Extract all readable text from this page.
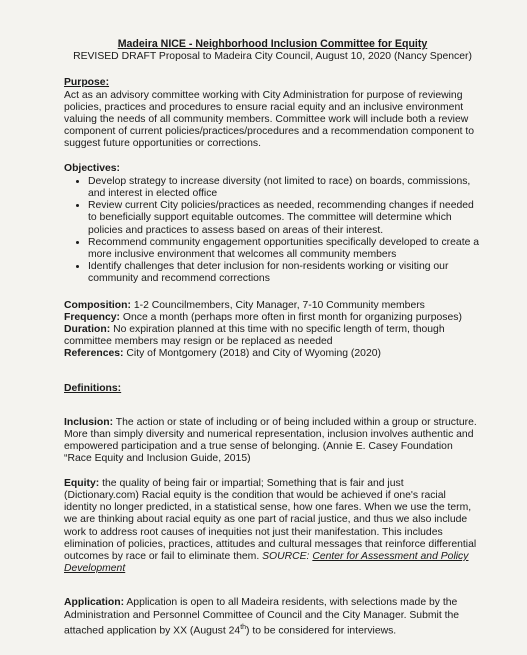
Madeira NICE - Neighborhood Inclusion Committee for Equity
REVISED DRAFT Proposal to Madeira City Council, August 10, 2020 (Nancy Spencer)
Purpose:

Act as an advisory committee working with City Administration for purpose of reviewing policies, practices and procedures to ensure racial equity and an inclusive environment valuing the needs of all community members. Committee work will include both a review component of current policies/practices/procedures and a recommendation component to suggest future opportunities or corrections.

Objectives:
• Develop strategy to increase diversity (not limited to race) on boards, commissions, and interest in elected office
• Review current City policies/practices as needed, recommending changes if needed to beneficially support equitable outcomes. The committee will determine which policies and practices to assess based on areas of their interest.
• Recommend community engagement opportunities specifically developed to create a more inclusive environment that welcomes all community members
• Identify challenges that deter inclusion for non-residents working or visiting our community and recommend corrections

Composition: 1-2 Councilmembers, City Manager, 7-10 Community members

Frequency: Once a month (perhaps more often in first month for organizing purposes)

Duration: No expiration planned at this time with no specific length of term, though committee members may resign or be replaced as needed

References: City of Montgomery (2018) and City of Wyoming (2020)

Definitions:

Inclusion: The action or state of including or of being included within a group or structure. More than simply diversity and numerical representation, inclusion involves authentic and empowered participation and a true sense of belonging. (Annie E. Casey Foundation “Race Equity and Inclusion Guide, 2015)

Equity: the quality of being fair or impartial; Something that is fair and just (Dictionary.com) Racial equity is the condition that would be achieved if one's racial identity no longer predicted, in a statistical sense, how one fares. When we use the term, we are thinking about racial equity as one part of racial justice, and thus we also include work to address root causes of inequities not just their manifestation. This includes elimination of policies, practices, attitudes and cultural messages that reinforce differential outcomes by race or fail to eliminate them. SOURCE: Center for Assessment and Policy Development

Application: Application is open to all Madeira residents, with selections made by the Administration and Personnel Committee of Council and the City Manager. Submit the attached application by XX (August 24th) to be considered for interviews.
